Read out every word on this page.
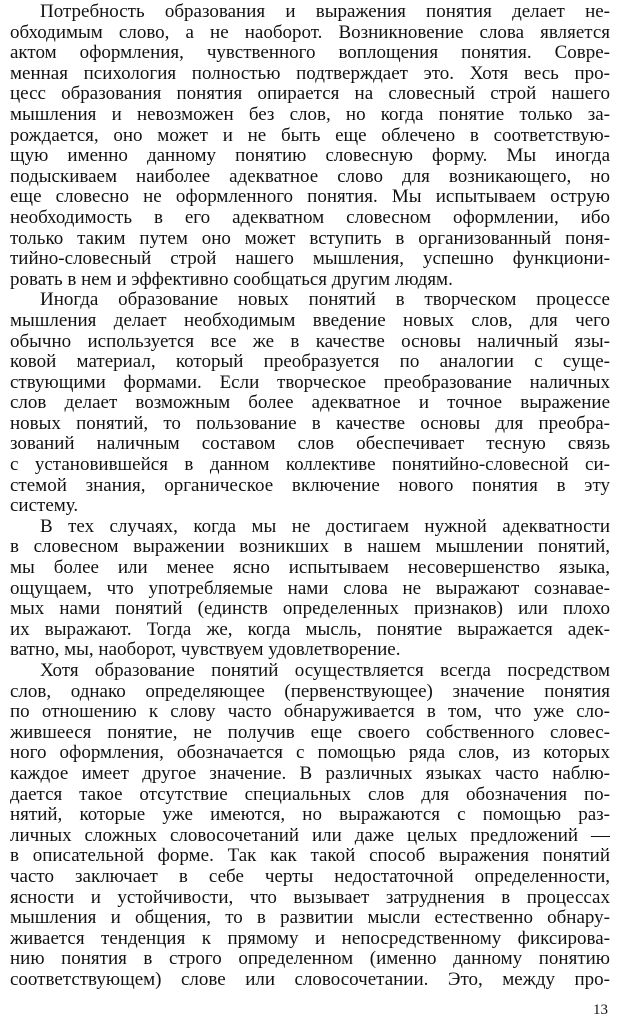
Потребность образования и выражения понятия делает не-
обходимым слово, а не наоборот. Возникновение слова является
актом оформления, чувственного воплощения понятия. Совре-
менная психология полностью подтверждает это. Хотя весь про-
цесс образования понятия опирается на словесный строй нашего
мышления и невозможен без слов, но когда понятие только за-
рождается, оно может и не быть еще облечено в соответствую-
щую именно данному понятию словесную форму. Мы иногда
подыскиваем наиболее адекватное слово для возникающего, но
еще словесно не оформленного понятия. Мы испытываем острую
необходимость в его адекватном словесном оформлении, ибо
только таким путем оно может вступить в организованный поня-
тийно-словесный строй нашего мышления, успешно функциони-
ровать в нем и эффективно сообщаться другим людям.
Иногда образование новых понятий в творческом процессе
мышления делает необходимым введение новых слов, для чего
обычно используется все же в качестве основы наличный язы-
ковой материал, который преобразуется по аналогии с суще-
ствующими формами. Если творческое преобразование наличных
слов делает возможным более адекватное и точное выражение
новых понятий, то пользование в качестве основы для преобра-
зований наличным составом слов обеспечивает тесную связь
с установившейся в данном коллективе понятийно-словесной си-
стемой знания, органическое включение нового понятия в эту
систему.
В тех случаях, когда мы не достигаем нужной адекватности
в словесном выражении возникших в нашем мышлении понятий,
мы более или менее ясно испытываем несовершенство языка,
ощущаем, что употребляемые нами слова не выражают сознавае-
мых нами понятий (единств определенных признаков) или плохо
их выражают. Тогда же, когда мысль, понятие выражается адек-
ватно, мы, наоборот, чувствуем удовлетворение.
Хотя образование понятий осуществляется всегда посредством
слов, однако определяющее (первенствующее) значение понятия
по отношению к слову часто обнаруживается в том, что уже сло-
жившееся понятие, не получив еще своего собственного словес-
ного оформления, обозначается с помощью ряда слов, из которых
каждое имеет другое значение. В различных языках часто наблю-
дается такое отсутствие специальных слов для обозначения по-
нятий, которые уже имеются, но выражаются с помощью раз-
личных сложных словосочетаний или даже целых предложений —
в описательной форме. Так как такой способ выражения понятий
часто заключает в себе черты недостаточной определенности,
ясности и устойчивости, что вызывает затруднения в процессах
мышления и общения, то в развитии мысли естественно обнару-
живается тенденция к прямому и непосредственному фиксирова-
нию понятия в строго определенном (именно данному понятию
соответствующем) слове или словосочетании. Это, между про-
13
